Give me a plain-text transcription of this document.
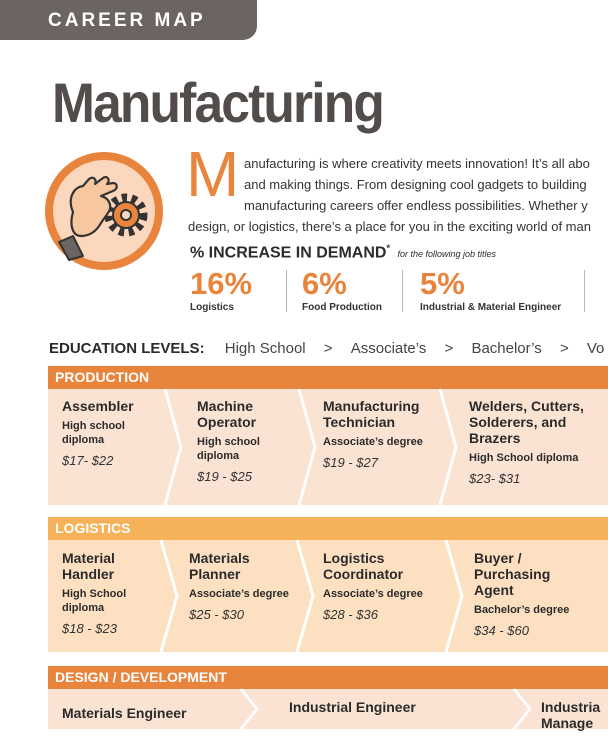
CAREER MAP
Manufacturing
M anufacturing is where creativity meets innovation! It’s all abo
and making things. From designing cool gadgets to building
manufacturing careers offer endless possibilities. Whether y
design, or logistics, there’s a place for you in the exciting world of man
% INCREASE IN DEMAND* for the following job titles
16%
Logistics
6%
Food Production
5%
Industrial & Material Engineer
EDUCATION LEVELS: High School > Associate’s > Bachelor’s > Vo
PRODUCTION
Assembler
High school diploma
$17- $22
Machine Operator
High school diploma
$19 - $25
Manufacturing Technician
Associate’s degree
$19 - $27
Welders, Cutters, Solderers, and Brazers
High School diploma
$23- $31
LOGISTICS
Material Handler
High School diploma
$18 - $23
Materials Planner
Associate’s degree
$25 - $30
Logistics Coordinator
Associate’s degree
$28 - $36
Buyer / Purchasing Agent
Bachelor’s degree
$34 - $60
DESIGN / DEVELOPMENT
Materials Engineer	Industrial Engineer	Industria Manage
